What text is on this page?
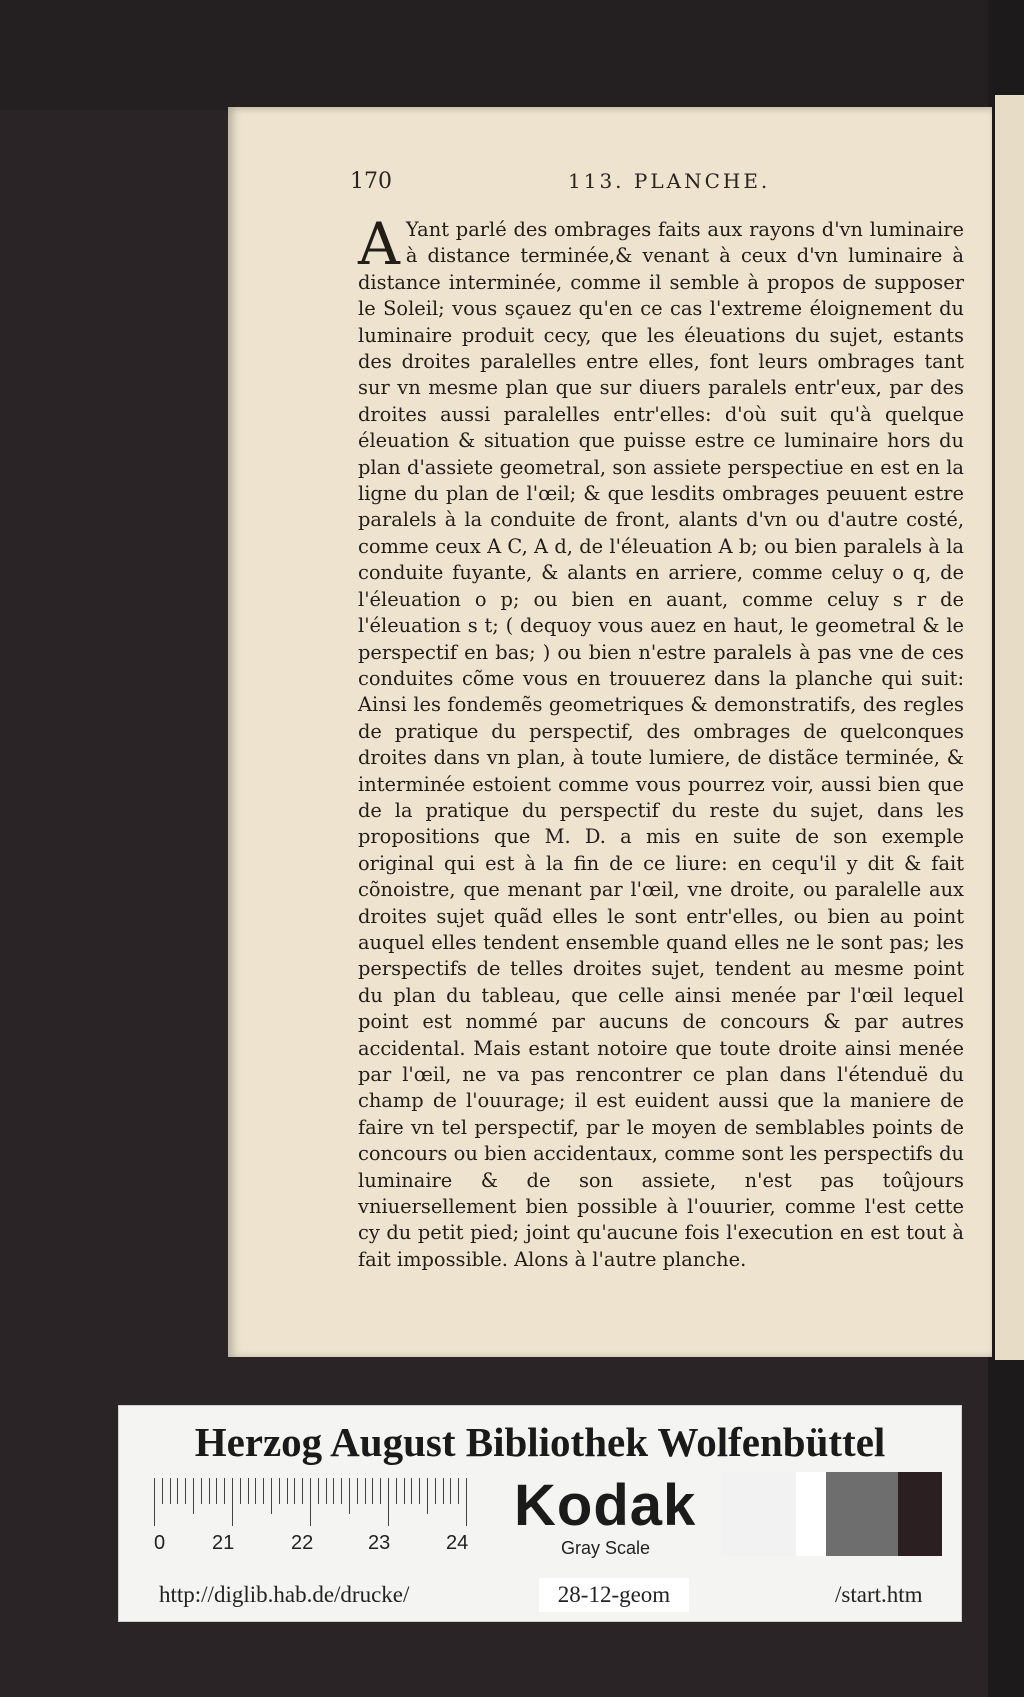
170	113. PLANCHE.
A Yant parlé des ombrages faits aux rayons d'vn luminaire à distance terminée,& venant à ceux d'vn luminaire à distance interminée, comme il semble à propos de supposer le Soleil; vous sçauez qu'en ce cas l'extreme éloignement du luminaire produit cecy, que les éleuations du sujet, estants des droites paralelles entre elles, font leurs ombrages tant sur vn mesme plan que sur diuers paralels entr'eux, par des droites aussi paralelles entr'elles: d'où suit qu'à quelque éleuation & situation que puisse estre ce luminaire hors du plan d'assiete geometral, son assiete perspectiue en est en la ligne du plan de l'œil; & que lesdits ombrages peuuent estre paralels à la conduite de front, alants d'vn ou d'autre costé, comme ceux A C, A d, de l'éleuation A b; ou bien paralels à la conduite fuyante, & alants en arriere, comme celuy o q, de l'éleuation o p; ou bien en auant, comme celuy s r de l'éleuation s t; ( dequoy vous auez en haut, le geometral & le perspectif en bas; ) ou bien n'estre paralels à pas vne de ces conduites cõme vous en trouuerez dans la planche qui suit: Ainsi les fondemẽs geometriques & demonstratifs, des regles de pratique du perspectif, des ombrages de quelconques droites dans vn plan, à toute lumiere, de distãce terminée, & interminée estoient comme vous pourrez voir, aussi bien que de la pratique du perspectif du reste du sujet, dans les propositions que M. D. a mis en suite de son exemple original qui est à la fin de ce liure: en cequ'il y dit & fait cõnoistre, que menant par l'œil, vne droite, ou paralelle aux droites sujet quãd elles le sont entr'elles, ou bien au point auquel elles tendent ensemble quand elles ne le sont pas; les perspectifs de telles droites sujet, tendent au mesme point du plan du tableau, que celle ainsi menée par l'œil lequel point est nommé par aucuns de concours & par autres accidental. Mais estant notoire que toute droite ainsi menée par l'œil, ne va pas rencontrer ce plan dans l'étenduë du champ de l'ouurage; il est euident aussi que la maniere de faire vn tel perspectif, par le moyen de semblables points de concours ou bien accidentaux, comme sont les perspectifs du luminaire & de son assiete, n'est pas toûjours vniuersellement bien possible à l'ouurier, comme l'est cette cy du petit pied; joint qu'aucune fois l'execution en est tout à fait impossible. Alons à l'autre planche.

Herzog August Bibliothek Wolfenbüttel
0 21	22	23	24
Kodak
Gray Scale
http://diglib.hab.de/drucke/	28-12-geom	/start.htm
